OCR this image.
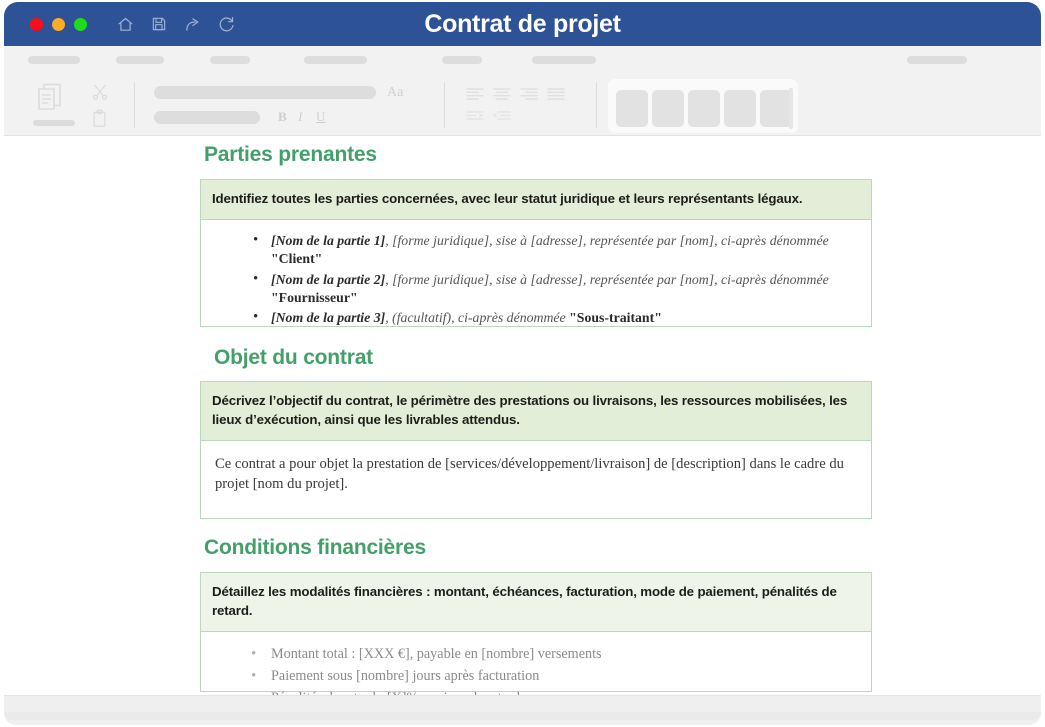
Contrat de projet
Aa
B I U
Parties prenantes
Identifiez toutes les parties concernées, avec leur statut juridique et leurs représentants légaux.
• [Nom de la partie 1], [forme juridique], sise à [adresse], représentée par [nom], ci-après dénommée "Client"
• [Nom de la partie 2], [forme juridique], sise à [adresse], représentée par [nom], ci-après dénommée "Fournisseur"
• [Nom de la partie 3], (facultatif), ci-après dénommée "Sous-traitant"
Objet du contrat
Décrivez l’objectif du contrat, le périmètre des prestations ou livraisons, les ressources mobilisées, les lieux d’exécution, ainsi que les livrables attendus.
Ce contrat a pour objet la prestation de [services/développement/livraison] de [description] dans le cadre du projet [nom du projet].
Conditions financières
Détaillez les modalités financières : montant, échéances, facturation, mode de paiement, pénalités de retard.
• Montant total : [XXX €], payable en [nombre] versements
• Paiement sous [nombre] jours après facturation
•
